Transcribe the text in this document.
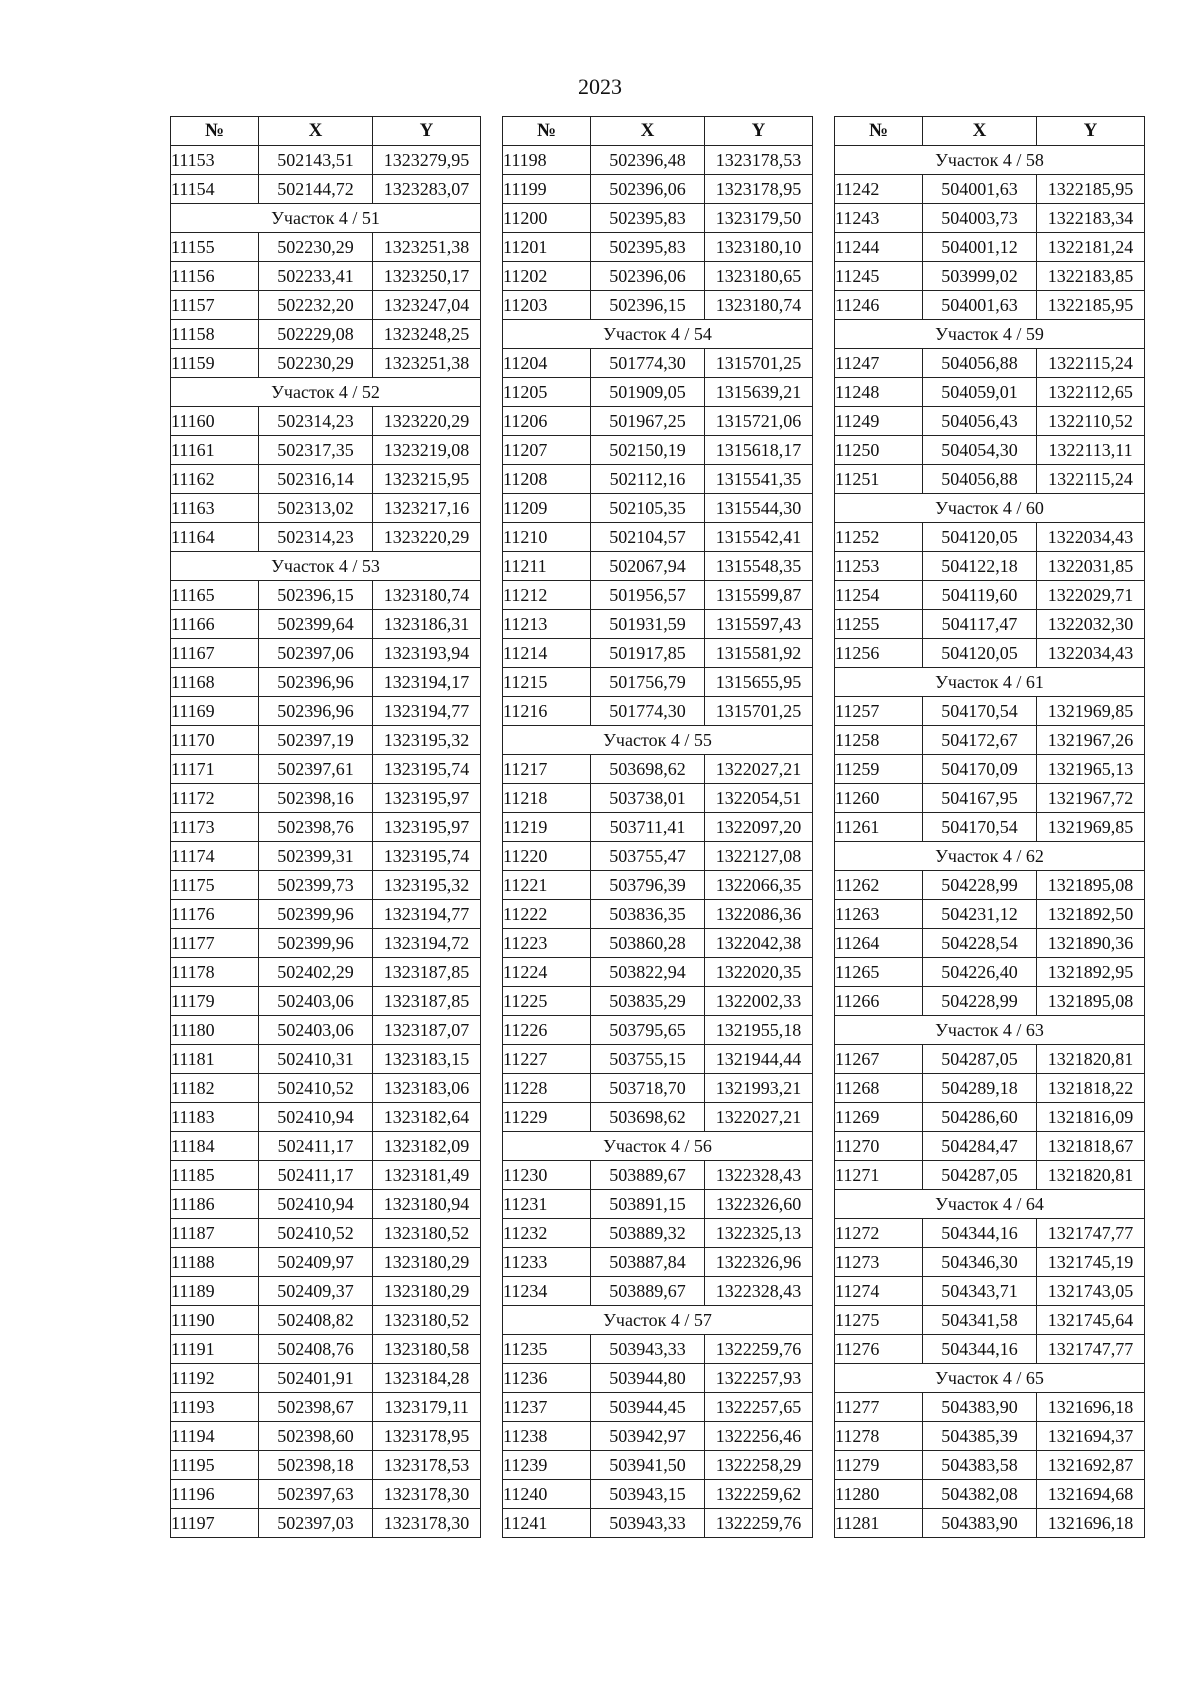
2023
№	X	Y
11153	502143,51	1323279,95
11154	502144,72	1323283,07
Участок 4 / 51		
11155	502230,29	1323251,38
11156	502233,41	1323250,17
11157	502232,20	1323247,04
11158	502229,08	1323248,25
11159	502230,29	1323251,38
Участок 4 / 52		
11160	502314,23	1323220,29
11161	502317,35	1323219,08
11162	502316,14	1323215,95
11163	502313,02	1323217,16
11164	502314,23	1323220,29
Участок 4 / 53		
11165	502396,15	1323180,74
11166	502399,64	1323186,31
11167	502397,06	1323193,94
11168	502396,96	1323194,17
11169	502396,96	1323194,77
11170	502397,19	1323195,32
11171	502397,61	1323195,74
11172	502398,16	1323195,97
11173	502398,76	1323195,97
11174	502399,31	1323195,74
11175	502399,73	1323195,32
11176	502399,96	1323194,77
11177	502399,96	1323194,72
11178	502402,29	1323187,85
11179	502403,06	1323187,85
11180	502403,06	1323187,07
11181	502410,31	1323183,15
11182	502410,52	1323183,06
11183	502410,94	1323182,64
11184	502411,17	1323182,09
11185	502411,17	1323181,49
11186	502410,94	1323180,94
11187	502410,52	1323180,52
11188	502409,97	1323180,29
11189	502409,37	1323180,29
11190	502408,82	1323180,52
11191	502408,76	1323180,58
11192	502401,91	1323184,28
11193	502398,67	1323179,11
11194	502398,60	1323178,95
11195	502398,18	1323178,53
11196	502397,63	1323178,30
11197	502397,03	1323178,30
№	X	Y
11198	502396,48	1323178,53
11199	502396,06	1323178,95
11200	502395,83	1323179,50
11201	502395,83	1323180,10
11202	502396,06	1323180,65
11203	502396,15	1323180,74
Участок 4 / 54		
11204	501774,30	1315701,25
11205	501909,05	1315639,21
11206	501967,25	1315721,06
11207	502150,19	1315618,17
11208	502112,16	1315541,35
11209	502105,35	1315544,30
11210	502104,57	1315542,41
11211	502067,94	1315548,35
11212	501956,57	1315599,87
11213	501931,59	1315597,43
11214	501917,85	1315581,92
11215	501756,79	1315655,95
11216	501774,30	1315701,25
Участок 4 / 55		
11217	503698,62	1322027,21
11218	503738,01	1322054,51
11219	503711,41	1322097,20
11220	503755,47	1322127,08
11221	503796,39	1322066,35
11222	503836,35	1322086,36
11223	503860,28	1322042,38
11224	503822,94	1322020,35
11225	503835,29	1322002,33
11226	503795,65	1321955,18
11227	503755,15	1321944,44
11228	503718,70	1321993,21
11229	503698,62	1322027,21
Участок 4 / 56		
11230	503889,67	1322328,43
11231	503891,15	1322326,60
11232	503889,32	1322325,13
11233	503887,84	1322326,96
11234	503889,67	1322328,43
Участок 4 / 57		
11235	503943,33	1322259,76
11236	503944,80	1322257,93
11237	503944,45	1322257,65
11238	503942,97	1322256,46
11239	503941,50	1322258,29
11240	503943,15	1322259,62
11241	503943,33	1322259,76
№	X	Y
Участок 4 / 58		
11242	504001,63	1322185,95
11243	504003,73	1322183,34
11244	504001,12	1322181,24
11245	503999,02	1322183,85
11246	504001,63	1322185,95
Участок 4 / 59		
11247	504056,88	1322115,24
11248	504059,01	1322112,65
11249	504056,43	1322110,52
11250	504054,30	1322113,11
11251	504056,88	1322115,24
Участок 4 / 60		
11252	504120,05	1322034,43
11253	504122,18	1322031,85
11254	504119,60	1322029,71
11255	504117,47	1322032,30
11256	504120,05	1322034,43
Участок 4 / 61		
11257	504170,54	1321969,85
11258	504172,67	1321967,26
11259	504170,09	1321965,13
11260	504167,95	1321967,72
11261	504170,54	1321969,85
Участок 4 / 62		
11262	504228,99	1321895,08
11263	504231,12	1321892,50
11264	504228,54	1321890,36
11265	504226,40	1321892,95
11266	504228,99	1321895,08
Участок 4 / 63		
11267	504287,05	1321820,81
11268	504289,18	1321818,22
11269	504286,60	1321816,09
11270	504284,47	1321818,67
11271	504287,05	1321820,81
Участок 4 / 64		
11272	504344,16	1321747,77
11273	504346,30	1321745,19
11274	504343,71	1321743,05
11275	504341,58	1321745,64
11276	504344,16	1321747,77
Участок 4 / 65		
11277	504383,90	1321696,18
11278	504385,39	1321694,37
11279	504383,58	1321692,87
11280	504382,08	1321694,68
11281	504383,90	1321696,18
